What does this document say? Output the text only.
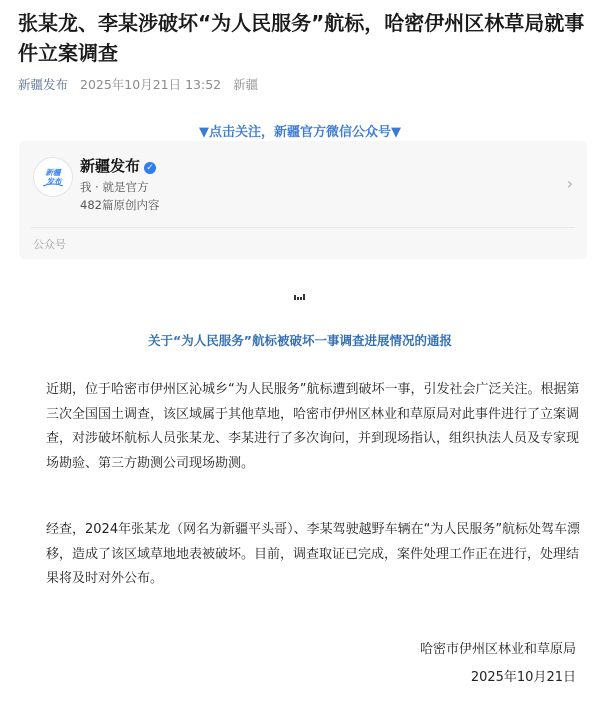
张某龙、李某涉破坏“为人民服务”航标，哈密伊州区林草局就事件立案调查
新疆发布 2025年10月21日 13:52 新疆
▼点击关注，新疆官方微信公众号▼
新疆
发布
新疆发布 ✓
我 · 就是官方
482篇原创内容
›
公众号
关于“为人民服务”航标被破坏一事调查进展情况的通报
近期，位于哈密市伊州区沁城乡“为人民服务”航标遭到破坏一事，引发社会广泛关注。根据第三次全国国土调查，该区域属于其他草地，哈密市伊州区林业和草原局对此事件进行了立案调查，对涉破坏航标人员张某龙、李某进行了多次询问，并到现场指认，组织执法人员及专家现场勘验、第三方勘测公司现场勘测。
经查，2024年张某龙（网名为新疆平头哥）、李某驾驶越野车辆在“为人民服务”航标处驾车漂移，造成了该区域草地地表被破坏。目前，调查取证已完成，案件处理工作正在进行，处理结果将及时对外公布。
哈密市伊州区林业和草原局
2025年10月21日
